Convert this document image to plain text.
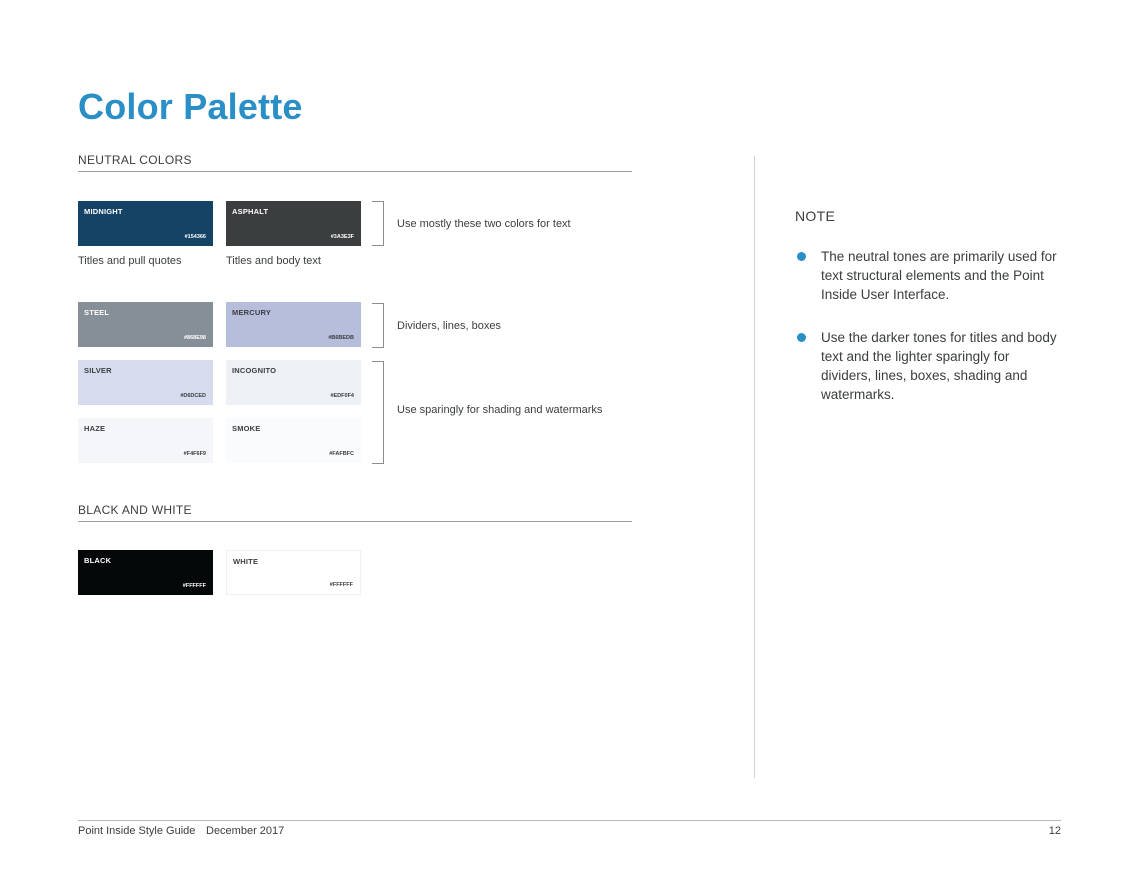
Color Palette
NEUTRAL COLORS
MIDNIGHT
#154366
ASPHALT
#3A3E3F
Use mostly these two colors for text
Titles and pull quotes	Titles and body text
STEEL
#868E98
MERCURY
#B6BEDB
Dividers, lines, boxes
SILVER
#D6DCED
INCOGNITO
#EDF0F4
HAZE
#F4F6F9
SMOKE
#FAFBFC
Use sparingly for shading and watermarks
BLACK AND WHITE
BLACK
#FFFFFF
WHITE
#FFFFFF
NOTE
The neutral tones are primarily used for text structural elements and the Point Inside User Interface.
Use the darker tones for titles and body text and the lighter sparingly for dividers, lines, boxes, shading and watermarks.
Point Inside Style Guide December 2017	12
